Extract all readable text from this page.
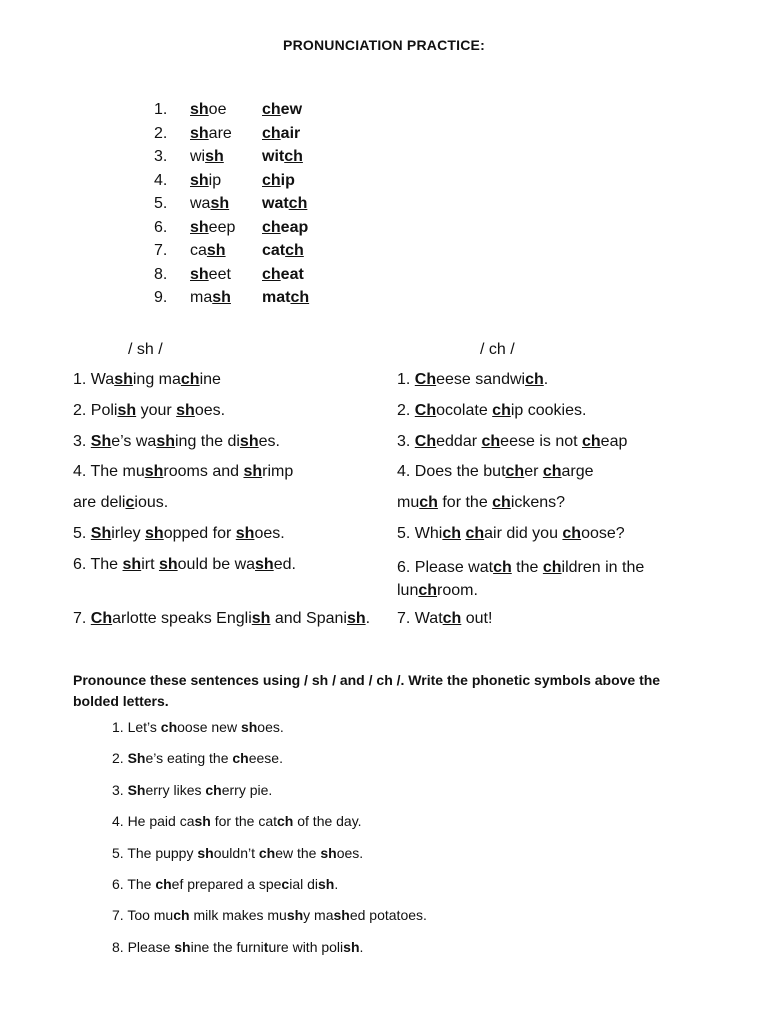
PRONUNCIATION PRACTICE:
1. shoe chew
2. share chair
3. wish witch
4. ship	chip
5. wash watch
6. sheep cheap
7. cash catch
8. sheet cheat
9. mash match
/ sh /	/ ch /
1. Washing machine
2. Polish your shoes.
3. She’s washing the dishes.
4. The mushrooms and shrimp
are delicious.
5. Shirley shopped for shoes.
6. The shirt should be washed.
7. Charlotte speaks English and Spanish.
1. Cheese sandwich.
2. Chocolate chip cookies.
3. Cheddar cheese is not cheap
4. Does the butcher charge
much for the chickens?
5. Which chair did you choose?
6. Please watch the children in the lunchroom.
7. Watch out!
Pronounce these sentences using / sh / and / ch /. Write the phonetic symbols above the bolded letters.
1. Let’s choose new shoes.
2. She’s eating the cheese.
3. Sherry likes cherry pie.
4. He paid cash for the catch of the day.
5. The puppy shouldn’t chew the shoes.
6. The chef prepared a special dish.
7. Too much milk makes mushy mashed potatoes.
8. Please shine the furniture with polish.
